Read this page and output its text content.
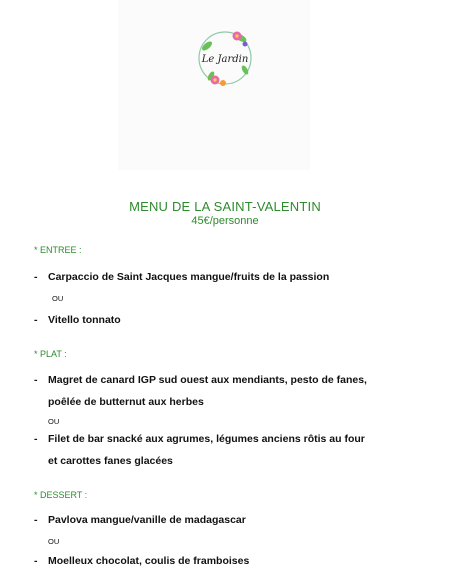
Le Jardin
MENU DE LA SAINT-VALENTIN
45€/personne
* ENTREE :
- Carpaccio de Saint Jacques mangue/fruits de la passion
OU
- Vitello tonnato
* PLAT :
- Magret de canard IGP sud ouest aux mendiants, pesto de fanes,
poêlée de butternut aux herbes
OU
- Filet de bar snacké aux agrumes, légumes anciens rôtis au four
et carottes fanes glacées
* DESSERT :
- Pavlova mangue/vanille de madagascar
OU
- Moelleux chocolat, coulis de framboises
